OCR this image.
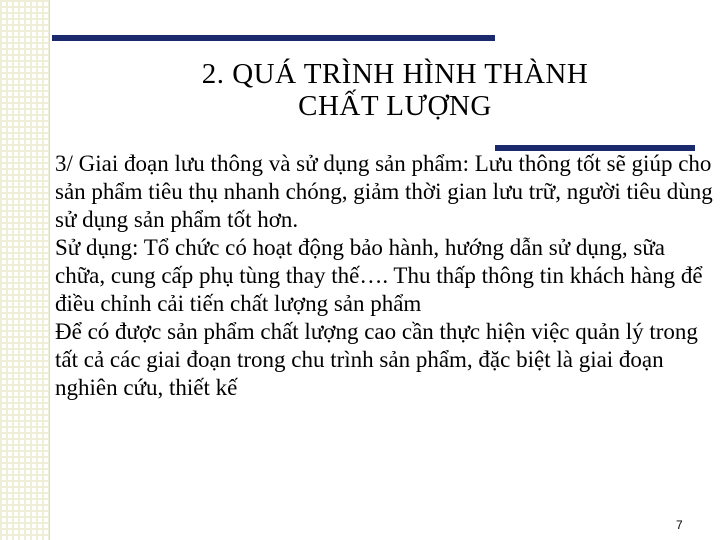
2. QUÁ TRÌNH HÌNH THÀNH
CHẤT LƯỢNG

3/ Giai đoạn lưu thông và sử dụng sản phẩm: Lưu thông tốt sẽ giúp cho sản phẩm tiêu thụ nhanh chóng, giảm thời gian lưu trữ, người tiêu dùng sử dụng sản phẩm tốt hơn.

Sử dụng: Tổ chức có hoạt động bảo hành, hướng dẫn sử dụng, sữa chữa, cung cấp phụ tùng thay thế…. Thu thấp thông tin khách hàng để điều chỉnh cải tiến chất lượng sản phẩm

Để có được sản phẩm chất lượng cao cần thực hiện việc quản lý trong tất cả các giai đoạn trong chu trình sản phẩm, đặc biệt là giai đoạn nghiên cứu, thiết kế

7
